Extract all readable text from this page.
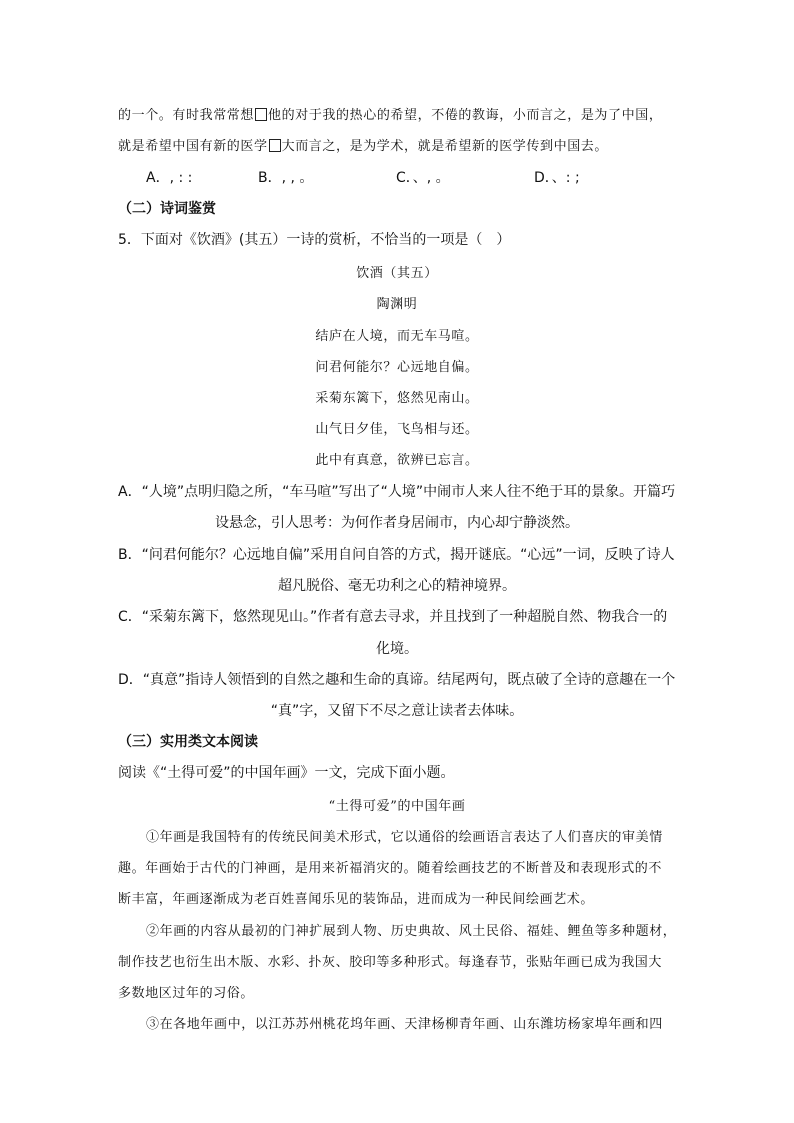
的一个。有时我常常想 他的对于我的热心的希望，不倦的教诲，小而言之，是为了中国，
就是希望中国有新的医学 大而言之，是为学术，就是希望新的医学传到中国去。
A．, : :	B．, , 。	C．、, 。	D．、: ;
（二）诗词鉴赏
5．下面对《饮酒》(其五）一诗的赏析，不恰当的一项是（　）
饮酒（其五）
陶渊明
结庐在人境，而无车马喧。
问君何能尔？心远地自偏。
采菊东篱下，悠然见南山。
山气日夕佳，飞鸟相与还。
此中有真意，欲辨已忘言。
A．“人境”点明归隐之所，“车马喧”写出了“人境”中闹市人来人往不绝于耳的景象。开篇巧
设悬念，引人思考：为何作者身居闹市，内心却宁静淡然。
B．“问君何能尔？心远地自偏”采用自问自答的方式，揭开谜底。“心远”一词，反映了诗人
超凡脱俗、毫无功利之心的精神境界。
C．“采菊东篱下，悠然现见山。”作者有意去寻求，并且找到了一种超脱自然、物我合一的
化境。
D．“真意”指诗人领悟到的自然之趣和生命的真谛。结尾两句，既点破了全诗的意趣在一个
“真”字，又留下不尽之意让读者去体味。
（三）实用类文本阅读
阅读《“土得可爱”的中国年画》一文，完成下面小题。
“土得可爱”的中国年画
①年画是我国特有的传统民间美术形式，它以通俗的绘画语言表达了人们喜庆的审美情
趣。年画始于古代的门神画，是用来祈福消灾的。随着绘画技艺的不断普及和表现形式的不
断丰富，年画逐渐成为老百姓喜闻乐见的装饰品，进而成为一种民间绘画艺术。
②年画的内容从最初的门神扩展到人物、历史典故、风土民俗、福娃、鲤鱼等多种题材，
制作技艺也衍生出木版、水彩、扑灰、胶印等多种形式。每逢春节，张贴年画已成为我国大
多数地区过年的习俗。
③在各地年画中，以江苏苏州桃花坞年画、天津杨柳青年画、山东潍坊杨家埠年画和四
